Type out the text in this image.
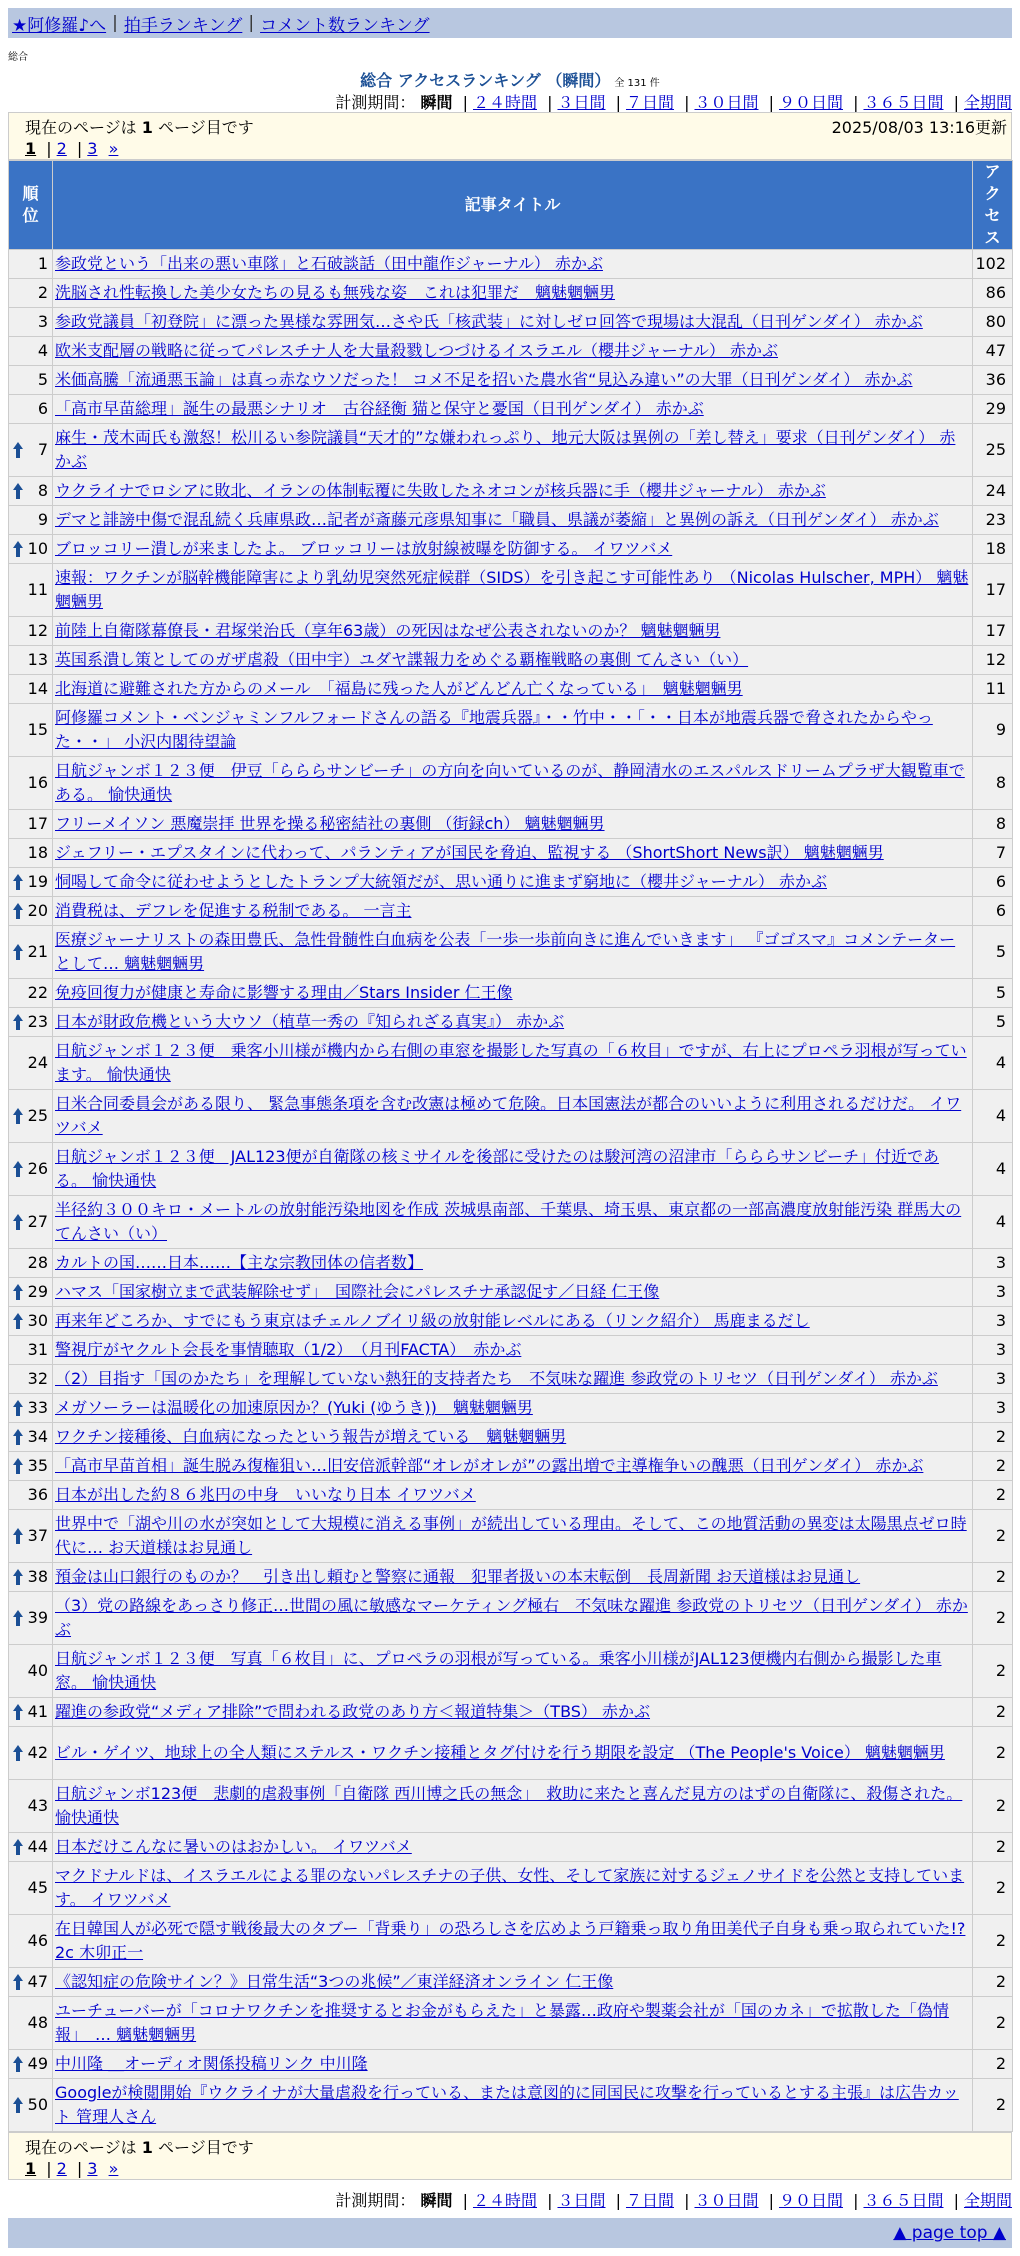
★阿修羅♪へ | 拍手ランキング | コメント数ランキング
総合
総合 アクセスランキング （瞬間） 全 131 件
計測期間： 瞬間 | ２４時間 | ３日間 | ７日間 | ３０日間 | ９０日間 | ３６５日間 | 全期間
現在のページは 1 ページ目です	2025/08/03 13:16更新
1 | 2 | 3 »
順位	記事タイトル	アクセス
1	参政党という「出来の悪い車隊」と石破談話（田中龍作ジャーナル） 赤かぶ	102
2	洗脳され性転換した美少女たちの見るも無残な姿　これは犯罪だ　魑魅魍魎男	86
3	参政党議員「初登院」に漂った異様な雰囲気…さや氏「核武装」に対しゼロ回答で現場は大混乱（日刊ゲンダイ） 赤かぶ	80
4	欧米支配層の戦略に従ってパレスチナ人を大量殺戮しつづけるイスラエル（櫻井ジャーナル） 赤かぶ	47
5	米価高騰「流通悪玉論」は真っ赤なウソだった！ コメ不足を招いた農水省“見込み違い”の大罪（日刊ゲンダイ） 赤かぶ	36
6	「高市早苗総理」誕生の最悪シナリオ　古谷経衡 猫と保守と憂国（日刊ゲンダイ） 赤かぶ	29

7	麻生・茂木両氏も激怒！松川るい参院議員“天才的”な嫌われっぷり、地元大阪は異例の「差し替え」要求（日刊ゲンダイ） 赤かぶ	25

8	ウクライナでロシアに敗北、イランの体制転覆に失敗したネオコンが核兵器に手（櫻井ジャーナル） 赤かぶ	24
9	デマと誹謗中傷で混乱続く兵庫県政…記者が斎藤元彦県知事に「職員、県議が萎縮」と異例の訴え（日刊ゲンダイ） 赤かぶ	23

10	ブロッコリー潰しが来ましたよ。 ブロッコリーは放射線被曝を防御する。 イワツバメ	18
11	速報：ワクチンが脳幹機能障害により乳幼児突然死症候群（SIDS）を引き起こす可能性あり （Nicolas Hulscher, MPH） 魑魅魍魎男	17
12	前陸上自衛隊幕僚長・君塚栄治氏（享年63歳）の死因はなぜ公表されないのか？ 魑魅魍魎男	17
13	英国系潰し策としてのガザ虐殺（田中宇）ユダヤ諜報力をめぐる覇権戦略の裏側 てんさい（い）	12
14	北海道に避難された方からのメール　「福島に残った人がどんどん亡くなっている」　魑魅魍魎男	11
15	阿修羅コメント・ベンジャミンフルフォードさんの語る『地震兵器』・・竹中・・「・・日本が地震兵器で脅されたからやった・・」 小沢内閣待望論	9
16	日航ジャンボ１２３便　伊豆「らららサンビーチ」の方向を向いているのが、静岡清水のエスパルスドリームプラザ大観覧車である。 愉快通快	8
17	フリーメイソン 悪魔崇拝 世界を操る秘密結社の裏側 （街録ch） 魑魅魍魎男	8
18	ジェフリー・エプスタインに代わって、パランティアが国民を脅迫、監視する （ShortShort News訳） 魑魅魍魎男	7

19	恫喝して命令に従わせようとしたトランプ大統領だが、思い通りに進まず窮地に（櫻井ジャーナル） 赤かぶ	6

20	消費税は、デフレを促進する税制である。 一言主	6

21	医療ジャーナリストの森田豊氏、急性骨髄性白血病を公表「一歩一歩前向きに進んでいきます」 『ゴゴスマ』コメンテーターとして… 魑魅魍魎男	5
22	免疫回復力が健康と寿命に影響する理由／Stars Insider 仁王像	5

23	日本が財政危機という大ウソ（植草一秀の『知られざる真実』） 赤かぶ	5
24	日航ジャンボ１２３便　乗客小川様が機内から右側の車窓を撮影した写真の「６枚目」ですが、右上にプロペラ羽根が写っています。 愉快通快	4

25	日米合同委員会がある限り、 緊急事態条項を含む改憲は極めて危険。日本国憲法が都合のいいように利用されるだけだ。 イワツバメ	4

26	日航ジャンボ１２３便　JAL123便が自衛隊の核ミサイルを後部に受けたのは駿河湾の沼津市「らららサンビーチ」付近である。 愉快通快	4

27	半径約３００キロ・メートルの放射能汚染地図を作成 茨城県南部、千葉県、埼玉県、東京都の一部高濃度放射能汚染 群馬大のてんさい（い）	4
28	カルトの国……日本……【主な宗教団体の信者数】	3

29	ハマス「国家樹立まで武装解除せず」　国際社会にパレスチナ承認促す／日経 仁王像	3

30	再来年どころか、すでにもう東京はチェルノブイリ級の放射能レベルにある（リンク紹介） 馬鹿まるだし	3
31	警視庁がヤクルト会長を事情聴取（1/2）　（月刊FACTA）　赤かぶ	3
32	（2）目指す「国のかたち」を理解していない熱狂的支持者たち　不気味な躍進 参政党のトリセツ（日刊ゲンダイ） 赤かぶ	3

33	メガソーラーは温暖化の加速原因か？(Yuki (ゆうき))　魑魅魍魎男	3

34	ワクチン接種後、白血病になったという報告が増えている　魑魅魍魎男	2

35	「高市早苗首相」誕生脱み復権狙い…旧安倍派幹部“オレがオレが”の露出増で主導権争いの醜悪（日刊ゲンダイ） 赤かぶ	2
36	日本が出した約８６兆円の中身　いいなり日本 イワツバメ	2

37	世界中で「湖や川の水が突如として大規模に消える事例」が続出している理由。そして、この地質活動の異変は太陽黒点ゼロ時代に… お天道様はお見通し	2

38	預金は山口銀行のものか？　引き出し頼むと警察に通報　犯罪者扱いの本末転倒　長周新聞 お天道様はお見通し	2

39	（3）党の路線をあっさり修正…世間の風に敏感なマーケティング極右　不気味な躍進 参政党のトリセツ（日刊ゲンダイ） 赤かぶ	2
40	日航ジャンボ１２３便　写真「６枚目」に、プロペラの羽根が写っている。乗客小川様がJAL123便機内右側から撮影した車窓。 愉快通快	2

41	躍進の参政党“メディア排除”で問われる政党のあり方＜報道特集＞（TBS） 赤かぶ	2

42	ビル・ゲイツ、地球上の全人類にステルス・ワクチン接種とタグ付けを行う期限を設定 （The People's Voice） 魑魅魍魎男	2
43	日航ジャンボ123便　悲劇的虐殺事例「自衛隊 西川博之氏の無念」　救助に来たと喜んだ見方のはずの自衛隊に、殺傷された。 愉快通快	2

44	日本だけこんなに暑いのはおかしい。 イワツバメ	2
45	マクドナルドは、イスラエルによる罪のないパレスチナの子供、女性、そして家族に対するジェノサイドを公然と支持しています。 イワツバメ	2
46	在日韓国人が必死で隠す戦後最大のタブー「背乗り」の恐ろしさを広めよう戸籍乗っ取り角田美代子自身も乗っ取られていた!?2c 木卯正一	2

47	《認知症の危険サイン？》日常生活“3つの兆候”／東洋経済オンライン 仁王像	2
48	ユーチューバーが「コロナワクチンを推奨するとお金がもらえた」と暴露…政府や製薬会社が「国のカネ」で拡散した「偽情報」　… 魑魅魍魎男	2

49	中川隆 ＿オーディオ関係投稿リンク 中川隆	2

50	Googleが検閲開始『ウクライナが大量虐殺を行っている、または意図的に同国民に攻撃を行っているとする主張』は広告カット 管理人さん	2
現在のページは 1 ページ目です
1 | 2 | 3 »
計測期間： 瞬間 | ２４時間 | ３日間 | ７日間 | ３０日間 | ９０日間 | ３６５日間 | 全期間
▲ page top ▲
